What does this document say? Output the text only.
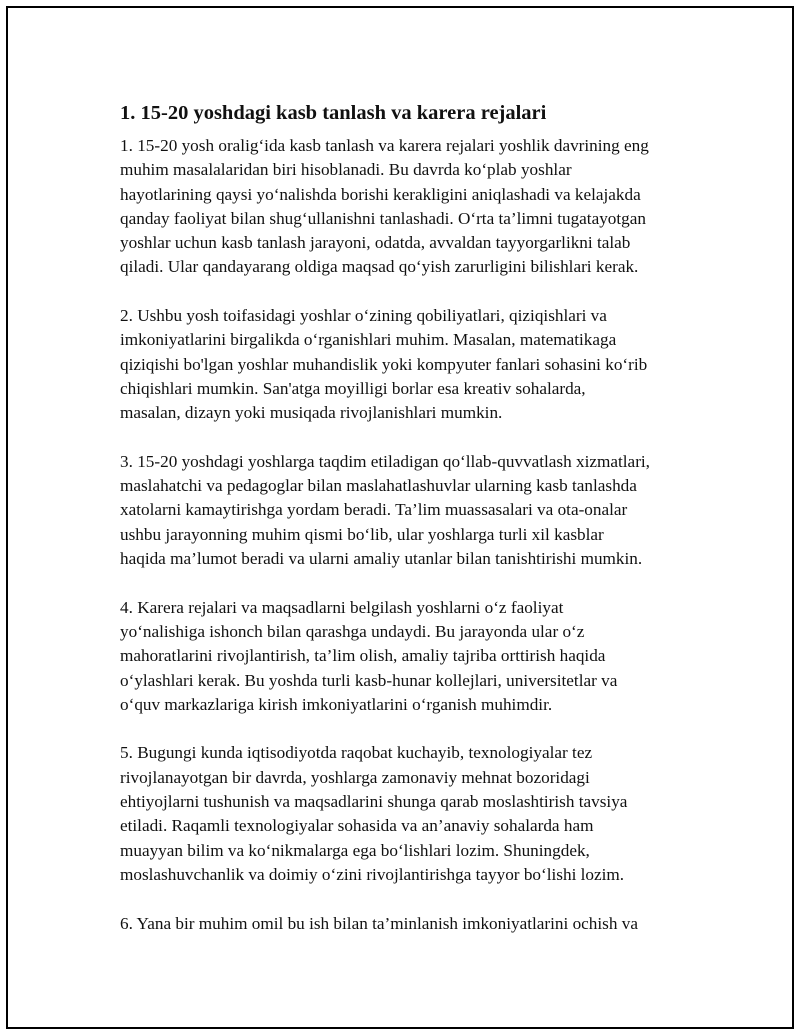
1. 15-20 yoshdagi kasb tanlash va karera rejalari

1. 15-20 yosh oralig‘ida kasb tanlash va karera rejalari yoshlik davrining eng
muhim masalalaridan biri hisoblanadi. Bu davrda ko‘plab yoshlar
hayotlarining qaysi yo‘nalishda borishi kerakligini aniqlashadi va kelajakda
qanday faoliyat bilan shug‘ullanishni tanlashadi. O‘rta ta’limni tugatayotgan
yoshlar uchun kasb tanlash jarayoni, odatda, avvaldan tayyorgarlikni talab
qiladi. Ular qandayarang oldiga maqsad qo‘yish zarurligini bilishlari kerak.

2. Ushbu yosh toifasidagi yoshlar o‘zining qobiliyatlari, qiziqishlari va
imkoniyatlarini birgalikda o‘rganishlari muhim. Masalan, matematikaga
qiziqishi bo'lgan yoshlar muhandislik yoki kompyuter fanlari sohasini ko‘rib
chiqishlari mumkin. San'atga moyilligi borlar esa kreativ sohalarda,
masalan, dizayn yoki musiqada rivojlanishlari mumkin.

3. 15-20 yoshdagi yoshlarga taqdim etiladigan qo‘llab-quvvatlash xizmatlari,
maslahatchi va pedagoglar bilan maslahatlashuvlar ularning kasb tanlashda
xatolarni kamaytirishga yordam beradi. Ta’lim muassasalari va ota-onalar
ushbu jarayonning muhim qismi bo‘lib, ular yoshlarga turli xil kasblar
haqida ma’lumot beradi va ularni amaliy utanlar bilan tanishtirishi mumkin.

4. Karera rejalari va maqsadlarni belgilash yoshlarni o‘z faoliyat
yo‘nalishiga ishonch bilan qarashga undaydi. Bu jarayonda ular o‘z
mahoratlarini rivojlantirish, ta’lim olish, amaliy tajriba orttirish haqida
o‘ylashlari kerak. Bu yoshda turli kasb-hunar kollejlari, universitetlar va
o‘quv markazlariga kirish imkoniyatlarini o‘rganish muhimdir.

5. Bugungi kunda iqtisodiyotda raqobat kuchayib, texnologiyalar tez
rivojlanayotgan bir davrda, yoshlarga zamonaviy mehnat bozoridagi
ehtiyojlarni tushunish va maqsadlarini shunga qarab moslashtirish tavsiya
etiladi. Raqamli texnologiyalar sohasida va an’anaviy sohalarda ham
muayyan bilim va ko‘nikmalarga ega bo‘lishlari lozim. Shuningdek,
moslashuvchanlik va doimiy o‘zini rivojlantirishga tayyor bo‘lishi lozim.

6. Yana bir muhim omil bu ish bilan ta’minlanish imkoniyatlarini ochish va
